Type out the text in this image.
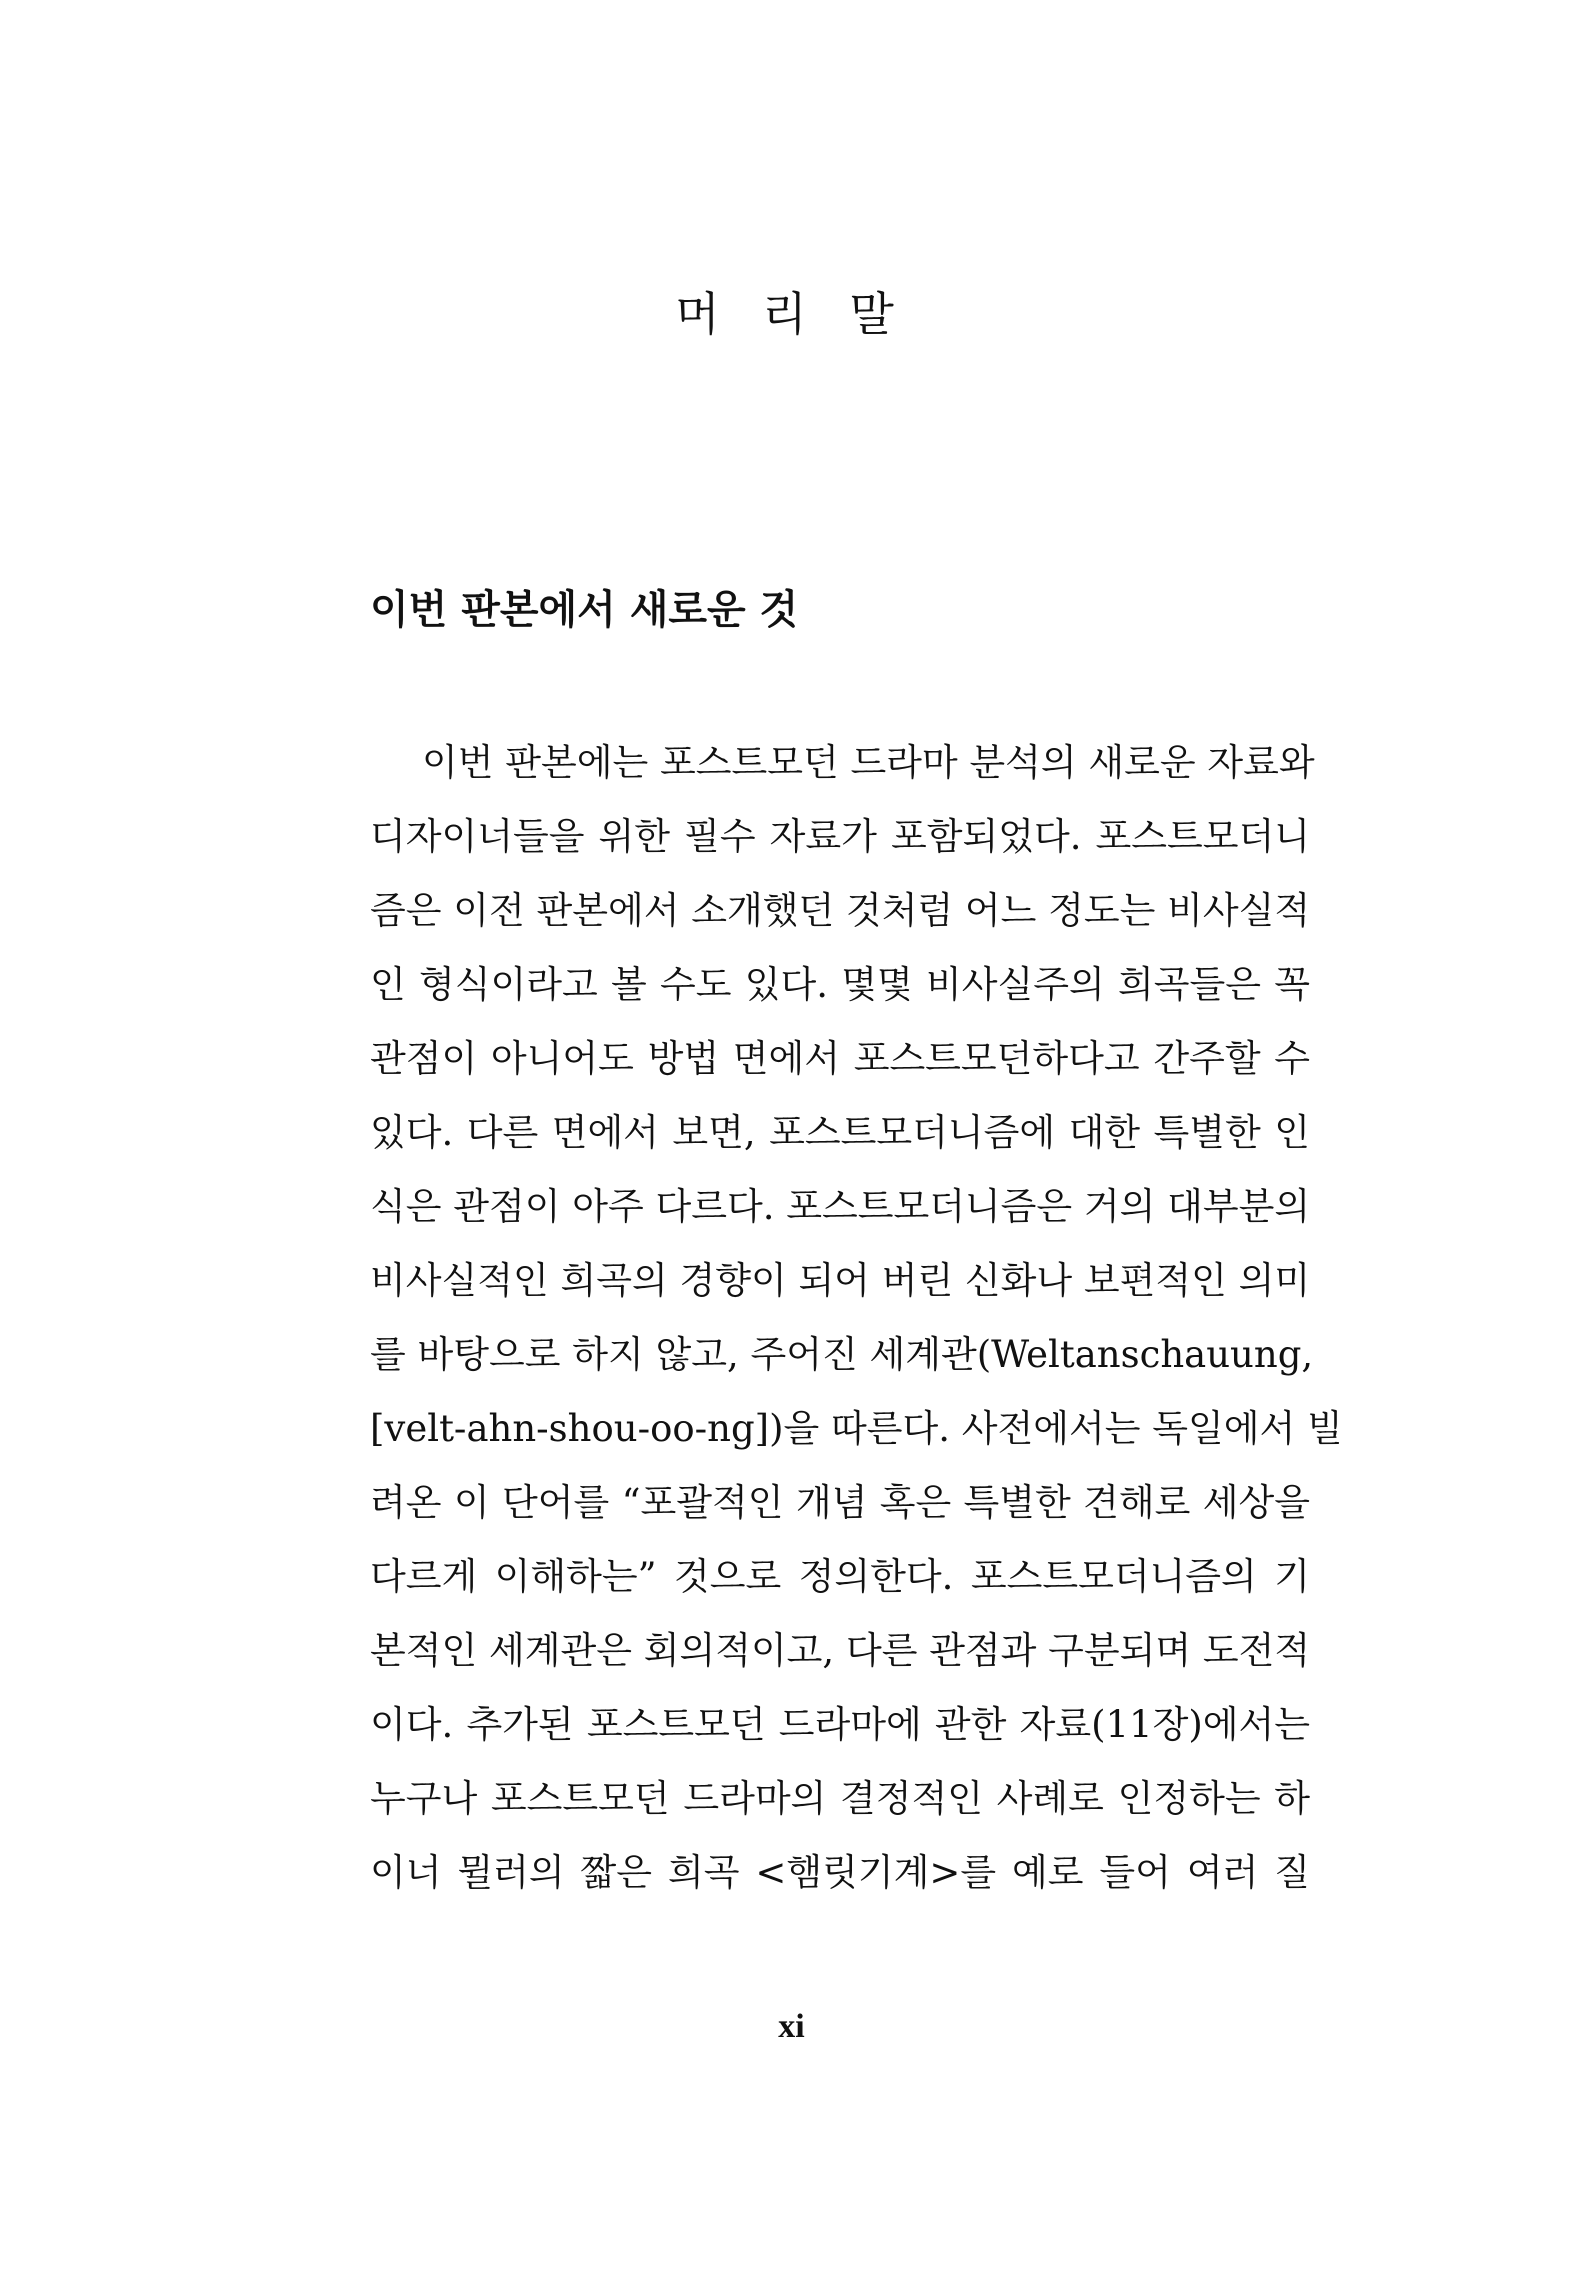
머 리 말
이번 판본에서 새로운 것
이번 판본에는 포스트모던 드라마 분석의 새로운 자료와
디자이너들을 위한 필수 자료가 포함되었다. 포스트모더니
즘은 이전 판본에서 소개했던 것처럼 어느 정도는 비사실적
인 형식이라고 볼 수도 있다. 몇몇 비사실주의 희곡들은 꼭
관점이 아니어도 방법 면에서 포스트모던하다고 간주할 수
있다. 다른 면에서 보면, 포스트모더니즘에 대한 특별한 인
식은 관점이 아주 다르다. 포스트모더니즘은 거의 대부분의
비사실적인 희곡의 경향이 되어 버린 신화나 보편적인 의미
를 바탕으로 하지 않고, 주어진 세계관(Weltanschauung,
[velt-ahn-shou-oo-ng])을 따른다. 사전에서는 독일에서 빌
려온 이 단어를 “포괄적인 개념 혹은 특별한 견해로 세상을
다르게 이해하는” 것으로 정의한다. 포스트모더니즘의 기
본적인 세계관은 회의적이고, 다른 관점과 구분되며 도전적
이다. 추가된 포스트모던 드라마에 관한 자료(11장)에서는
누구나 포스트모던 드라마의 결정적인 사례로 인정하는 하
이너 뮐러의 짧은 희곡 <햄릿기계>를 예로 들어 여러 질
xi
